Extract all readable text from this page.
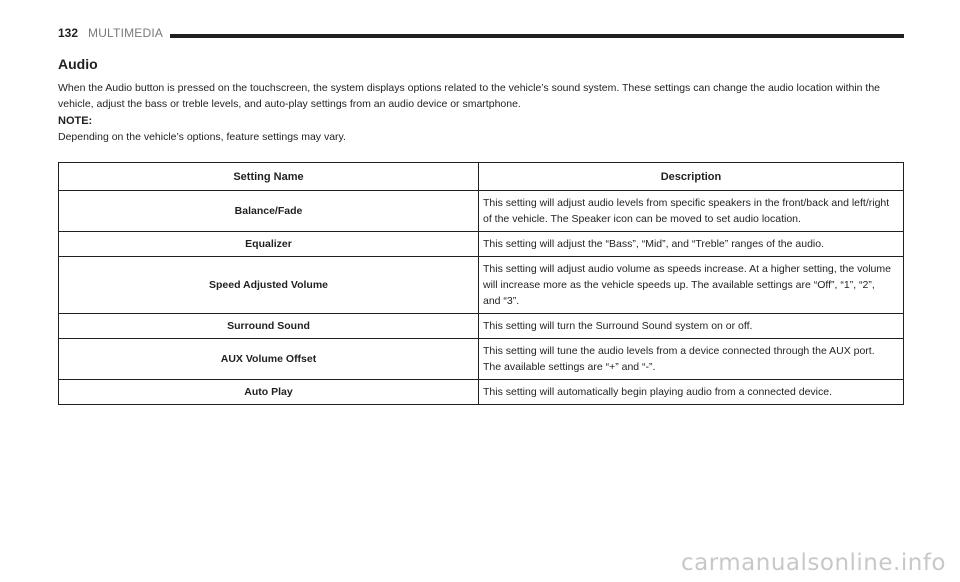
132 MULTIMEDIA
Audio

When the Audio button is pressed on the touchscreen, the system displays options related to the vehicle’s sound system. These settings can change the audio location within the vehicle, adjust the bass or treble levels, and auto-play settings from an audio device or smartphone.

NOTE:

Depending on the vehicle’s options, feature settings may vary.

Setting Name	Description
Balance/Fade	This setting will adjust audio levels from specific speakers in the front/back and left/right of the vehicle. The Speaker icon can be moved to set audio location.
Equalizer	This setting will adjust the “Bass”, “Mid”, and “Treble” ranges of the audio.
Speed Adjusted Volume	This setting will adjust audio volume as speeds increase. At a higher setting, the volume will increase more as the vehicle speeds up. The available settings are “Off”, “1”, “2”, and “3”.
Surround Sound	This setting will turn the Surround Sound system on or off.
AUX Volume Offset	This setting will tune the audio levels from a device connected through the AUX port. The available settings are “+” and “-”.
Auto Play	This setting will automatically begin playing audio from a connected device.
carmanualsonline.info
